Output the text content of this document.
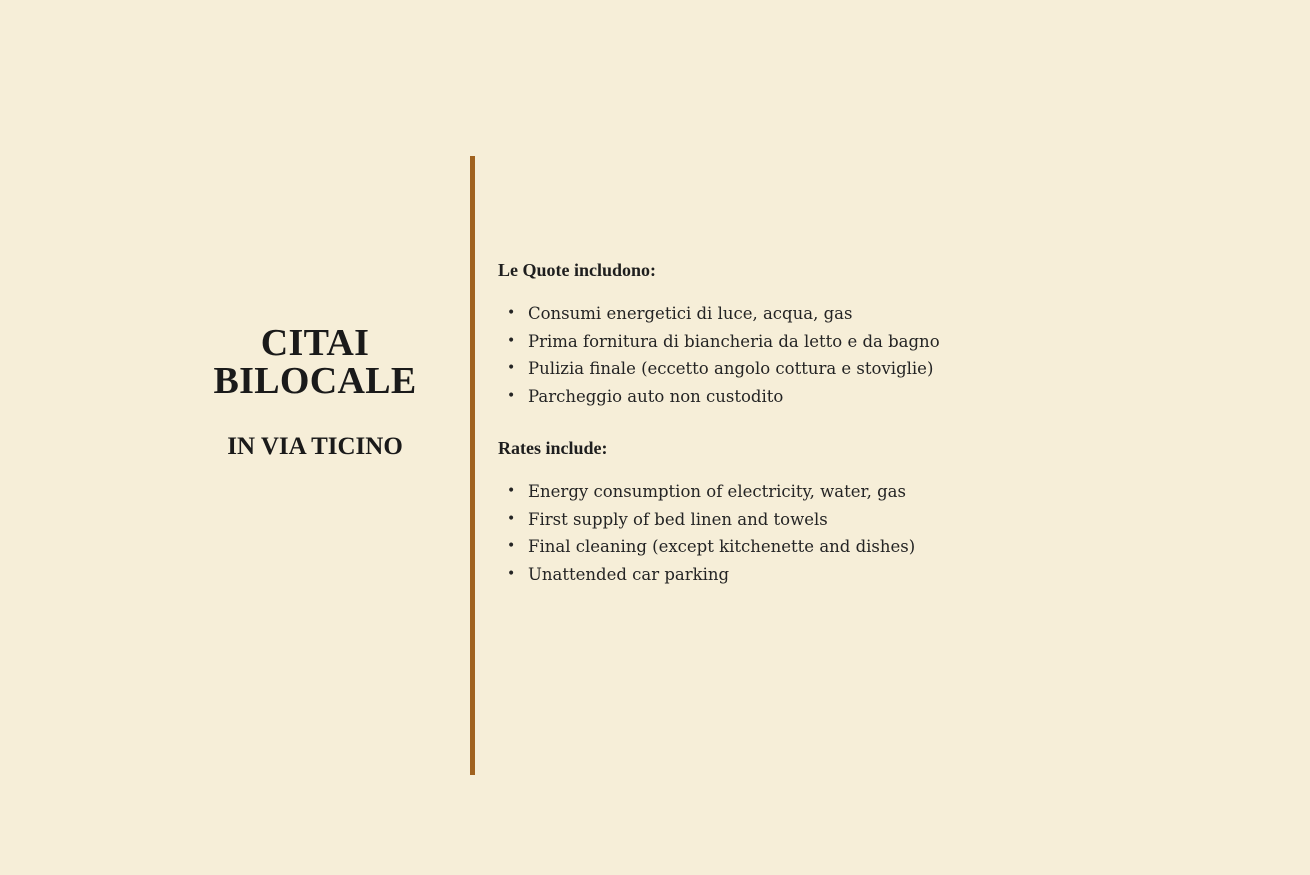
CITAI
BILOCALE
IN VIA TICINO

Le Quote includono:

• Consumi energetici di luce, acqua, gas
• Prima fornitura di biancheria da letto e da bagno
• Pulizia finale (eccetto angolo cottura e stoviglie)
• Parcheggio auto non custodito

Rates include:

• Energy consumption of electricity, water, gas
• First supply of bed linen and towels
• Final cleaning (except kitchenette and dishes)
• Unattended car parking
